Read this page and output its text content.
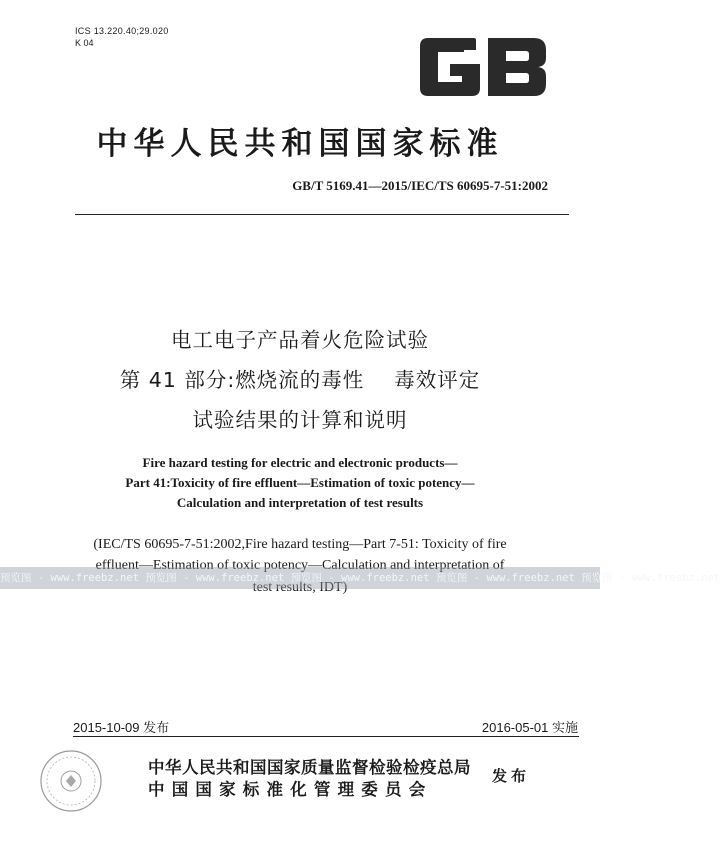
ICS 13.220.40;29.020
K 04
中华人民共和国国家标准
GB/T 5169.41—2015/IEC/TS 60695-7-51:2002
电工电子产品着火危险试验
第 41 部分:燃烧流的毒性    毒效评定
试验结果的计算和说明
Fire hazard testing for electric and electronic products—
Part 41:Toxicity of fire effluent—Estimation of toxic potency—
Calculation and interpretation of test results
(IEC/TS 60695-7-51:2002,Fire hazard testing—Part 7-51: Toxicity of fire
effluent—Estimation of toxic potency—Calculation and interpretation of
test results, IDT)
预览图 - www.freebz.net 预览图 - www.freebz.net 预览图 - www.freebz.net 预览图 - www.freebz.net 预览图 - www.freebz.net
2015-10-09 发布	2016-05-01 实施
中华人民共和国国家质量监督检验检疫总局
中国国家标准化管理委员会
发布
